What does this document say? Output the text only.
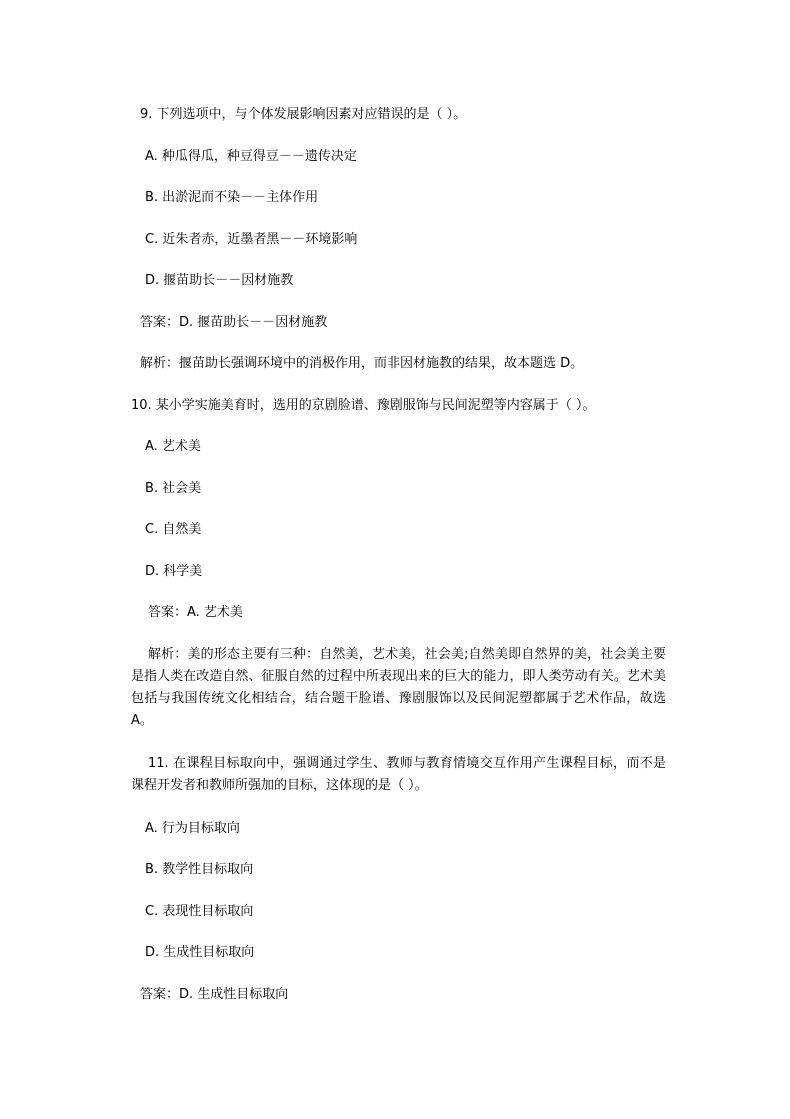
9. 下列选项中，与个体发展影响因素对应错误的是（ ）。
A. 种瓜得瓜，种豆得豆－－遗传决定
B. 出淤泥而不染－－主体作用
C. 近朱者赤，近墨者黑－－环境影响
D. 揠苗助长－－因材施教
答案：D. 揠苗助长－－因材施教
解析：揠苗助长强调环境中的消极作用，而非因材施教的结果，故本题选 D。
10. 某小学实施美育时，选用的京剧脸谱、豫剧服饰与民间泥塑等内容属于（ ）。
A. 艺术美
B. 社会美
C. 自然美
D. 科学美
答案：A. 艺术美
解析：美的形态主要有三种：自然美，艺术美，社会美;自然美即自然界的美，社会美主要是指人类在改造自然、征服自然的过程中所表现出来的巨大的能力，即人类劳动有关。艺术美包括与我国传统文化相结合，结合题干脸谱、豫剧服饰以及民间泥塑都属于艺术作品，故选 A。
11. 在课程目标取向中，强调通过学生、教师与教育情境交互作用产生课程目标，而不是课程开发者和教师所强加的目标，这体现的是（ ）。
A. 行为目标取向
B. 教学性目标取向
C. 表现性目标取向
D. 生成性目标取向
答案：D. 生成性目标取向
